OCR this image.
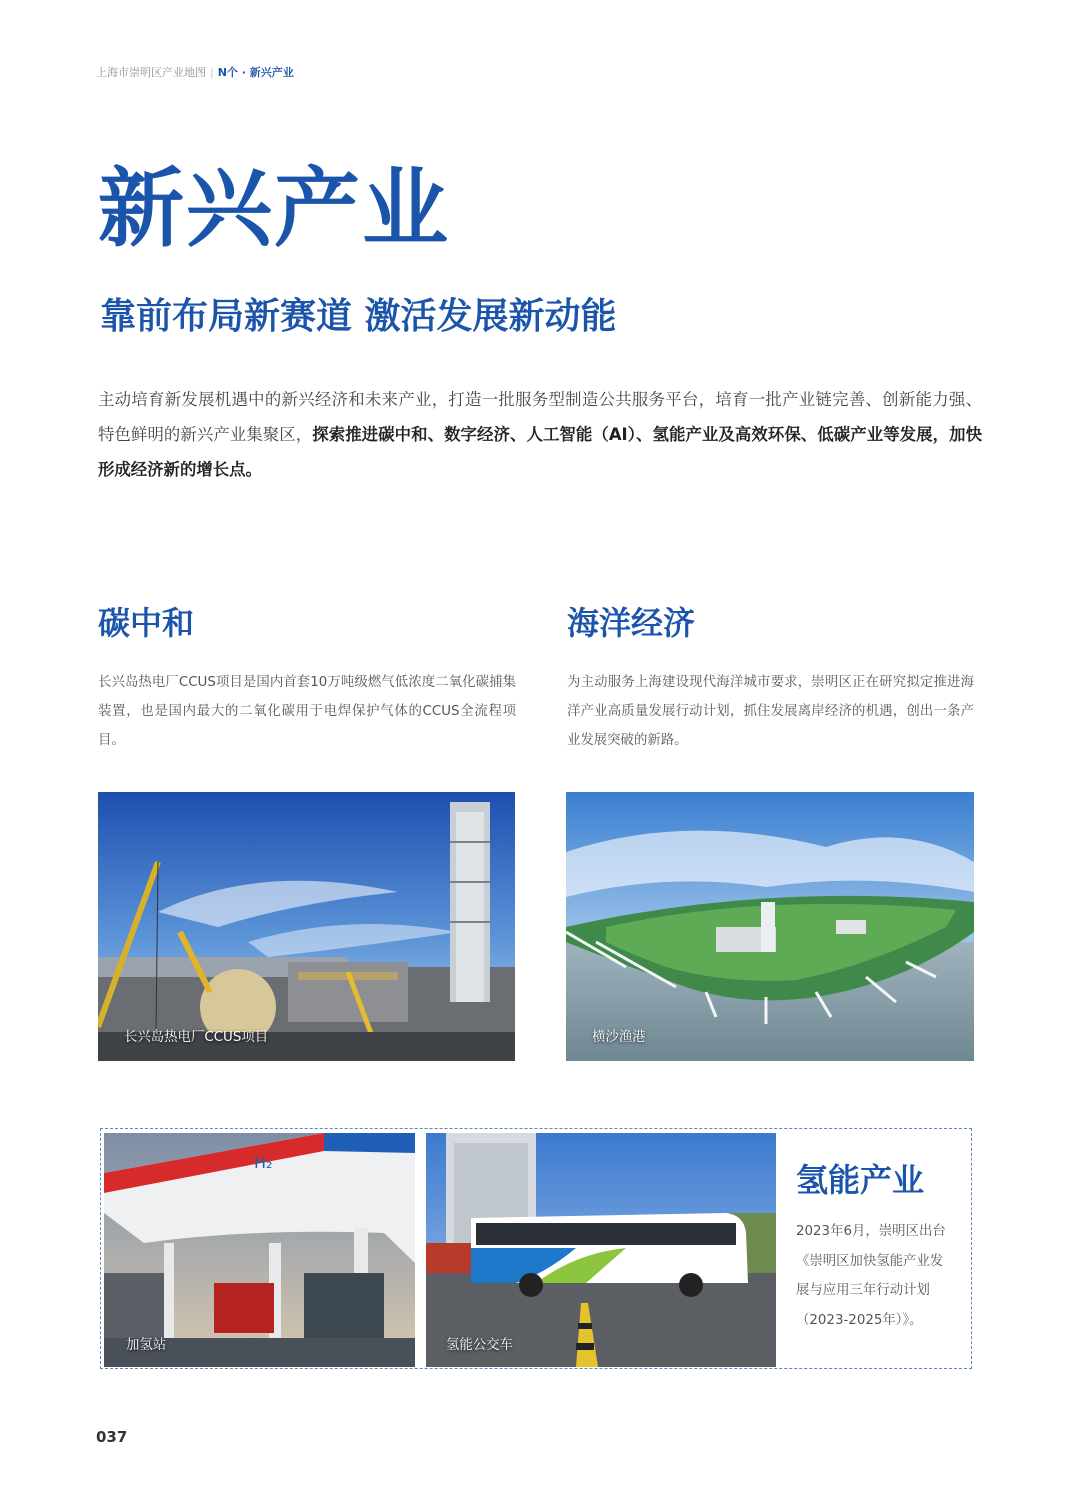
上海市崇明区产业地图 | N个 · 新兴产业
新兴产业
靠前布局新赛道 激活发展新动能
主动培育新发展机遇中的新兴经济和未来产业，打造一批服务型制造公共服务平台，培育一批产业链完善、创新能力强、特色鲜明的新兴产业集聚区，探索推进碳中和、数字经济、人工智能（AI）、氢能产业及高效环保、低碳产业等发展，加快形成经济新的增长点。
碳中和
长兴岛热电厂CCUS项目是国内首套10万吨级燃气低浓度二氧化碳捕集装置，也是国内最大的二氧化碳用于电焊保护气体的CCUS全流程项目。
长兴岛热电厂CCUS项目
海洋经济
为主动服务上海建设现代海洋城市要求，崇明区正在研究拟定推进海洋产业高质量发展行动计划，抓住发展离岸经济的机遇，创出一条产业发展突破的新路。
横沙渔港
H₂
加氢站	氢能公交车
氢能产业
2023年6月，崇明区出台《崇明区加快氢能产业发展与应用三年行动计划（2023-2025年）》。
037
